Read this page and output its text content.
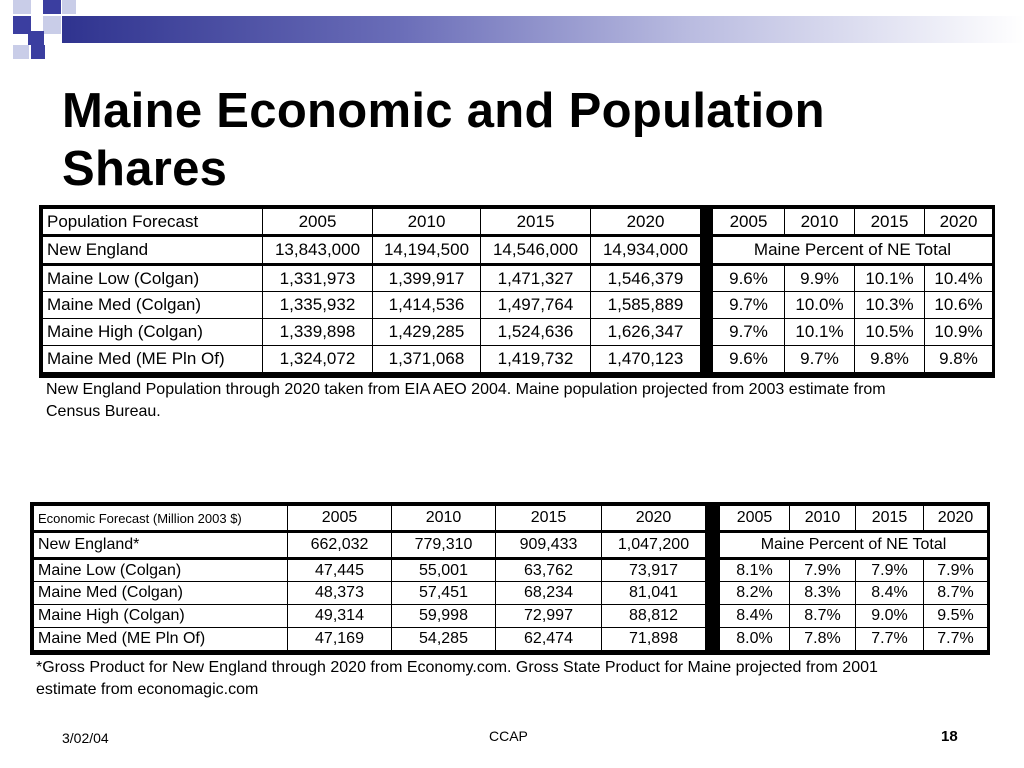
Maine Economic and Population Shares
Population Forecast	2005	2010	2015	2020		2005	2010	2015	2020
New England	13,843,000	14,194,500	14,546,000	14,934,000		Maine Percent of NE Total			
Maine Low (Colgan)	1,331,973	1,399,917	1,471,327	1,546,379		9.6%	9.9%	10.1%	10.4%
Maine Med (Colgan)	1,335,932	1,414,536	1,497,764	1,585,889		9.7%	10.0%	10.3%	10.6%
Maine High (Colgan)	1,339,898	1,429,285	1,524,636	1,626,347		9.7%	10.1%	10.5%	10.9%
Maine Med (ME Pln Of)	1,324,072	1,371,068	1,419,732	1,470,123		9.6%	9.7%	9.8%	9.8%

New England Population through 2020 taken from EIA AEO 2004. Maine population projected from 2003 estimate from Census Bureau.

Economic Forecast (Million 2003 $)	2005	2010	2015	2020		2005	2010	2015	2020
New England*	662,032	779,310	909,433	1,047,200		Maine Percent of NE Total			
Maine Low (Colgan)	47,445	55,001	63,762	73,917		8.1%	7.9%	7.9%	7.9%
Maine Med (Colgan)	48,373	57,451	68,234	81,041		8.2%	8.3%	8.4%	8.7%
Maine High (Colgan)	49,314	59,998	72,997	88,812		8.4%	8.7%	9.0%	9.5%
Maine Med (ME Pln Of)	47,169	54,285	62,474	71,898		8.0%	7.8%	7.7%	7.7%

*Gross Product for New England through 2020 from Economy.com. Gross State Product for Maine projected from 2001 estimate from economagic.com

3/02/04	CCAP	18
